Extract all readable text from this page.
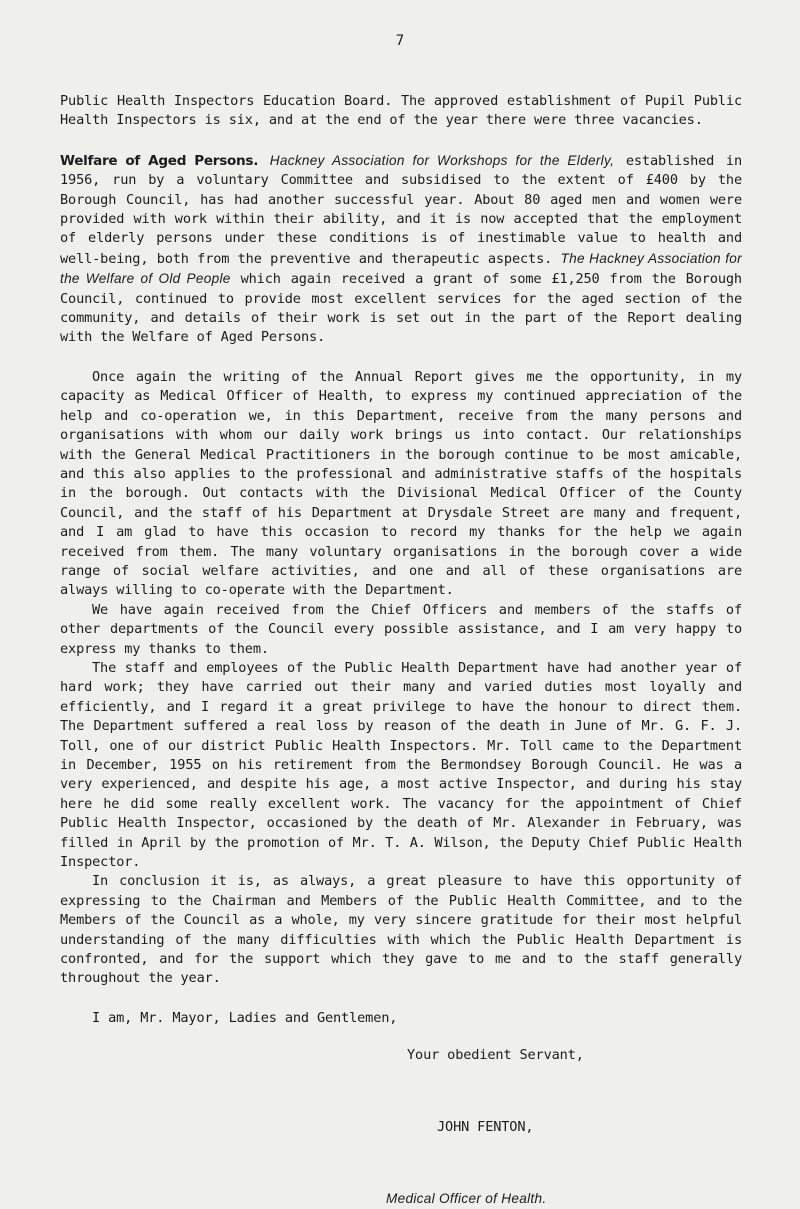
7

Public Health Inspectors Education Board. The approved establishment of Pupil Public Health Inspectors is six, and at the end of the year there were three vacancies.

Welfare of Aged Persons. Hackney Association for Workshops for the Elderly, established in 1956, run by a voluntary Committee and subsidised to the extent of £400 by the Borough Council, has had another successful year. About 80 aged men and women were provided with work within their ability, and it is now accepted that the employment of elderly persons under these conditions is of inestimable value to health and well-being, both from the preventive and therapeutic aspects. The Hackney Association for the Welfare of Old People which again received a grant of some £1,250 from the Borough Council, continued to provide most excellent services for the aged section of the community, and details of their work is set out in the part of the Report dealing with the Welfare of Aged Persons.

Once again the writing of the Annual Report gives me the opportunity, in my capacity as Medical Officer of Health, to express my continued appreciation of the help and co-operation we, in this Department, receive from the many persons and organisations with whom our daily work brings us into contact. Our relationships with the General Medical Practitioners in the borough continue to be most amicable, and this also applies to the professional and administrative staffs of the hospitals in the borough. Out contacts with the Divisional Medical Officer of the County Council, and the staff of his Department at Drysdale Street are many and frequent, and I am glad to have this occasion to record my thanks for the help we again received from them. The many voluntary organisations in the borough cover a wide range of social welfare activities, and one and all of these organisations are always willing to co-operate with the Department.

We have again received from the Chief Officers and members of the staffs of other departments of the Council every possible assistance, and I am very happy to express my thanks to them.

The staff and employees of the Public Health Department have had another year of hard work; they have carried out their many and varied duties most loyally and efficiently, and I regard it a great privilege to have the honour to direct them. The Department suffered a real loss by reason of the death in June of Mr. G. F. J. Toll, one of our district Public Health Inspectors. Mr. Toll came to the Department in December, 1955 on his retirement from the Bermondsey Borough Council. He was a very experienced, and despite his age, a most active Inspector, and during his stay here he did some really excellent work. The vacancy for the appointment of Chief Public Health Inspector, occasioned by the death of Mr. Alexander in February, was filled in April by the promotion of Mr. T. A. Wilson, the Deputy Chief Public Health Inspector.

In conclusion it is, as always, a great pleasure to have this opportunity of expressing to the Chairman and Members of the Public Health Committee, and to the Members of the Council as a whole, my very sincere gratitude for their most helpful understanding of the many difficulties with which the Public Health Department is confronted, and for the support which they gave to me and to the staff generally throughout the year.

I am, Mr. Mayor, Ladies and Gentlemen,

Your obedient Servant,

JOHN FENTON,

Medical Officer of Health.
